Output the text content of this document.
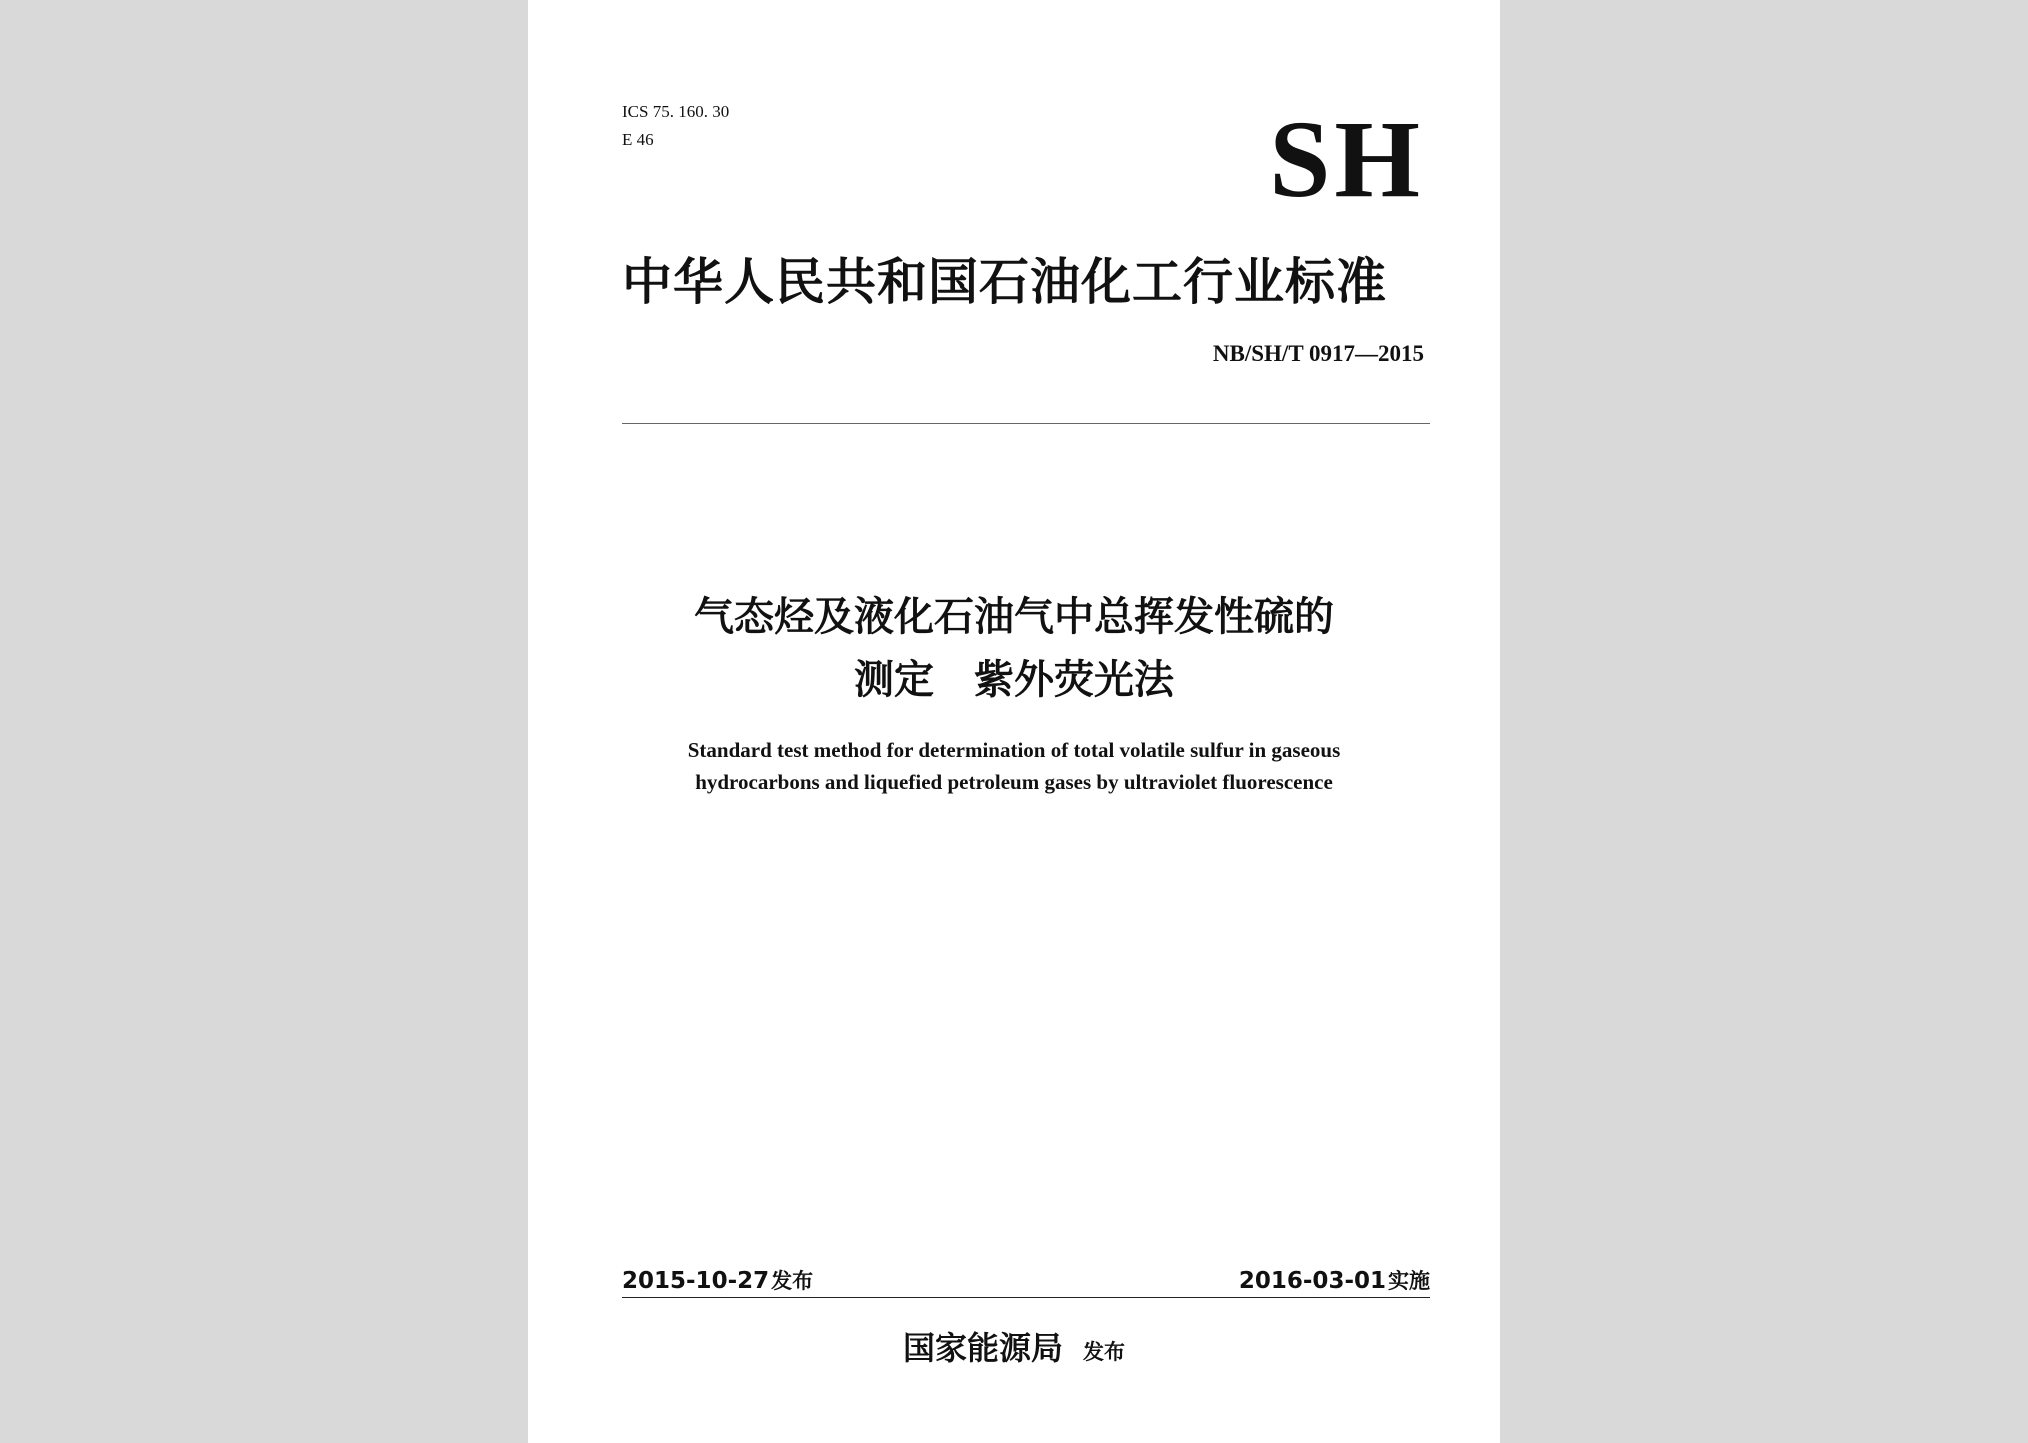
ICS 75. 160. 30

E 46	SH

中华人民共和国石油化工行业标准

NB/SH/T 0917—2015

气态烃及液化石油气中总挥发性硫的

测定 紫外荧光法

Standard test method for determination of total volatile sulfur in gaseous

hydrocarbons and liquefied petroleum gases by ultraviolet fluorescence

2015-10-27发布	2016-03-01实施

国家能源局 发布
